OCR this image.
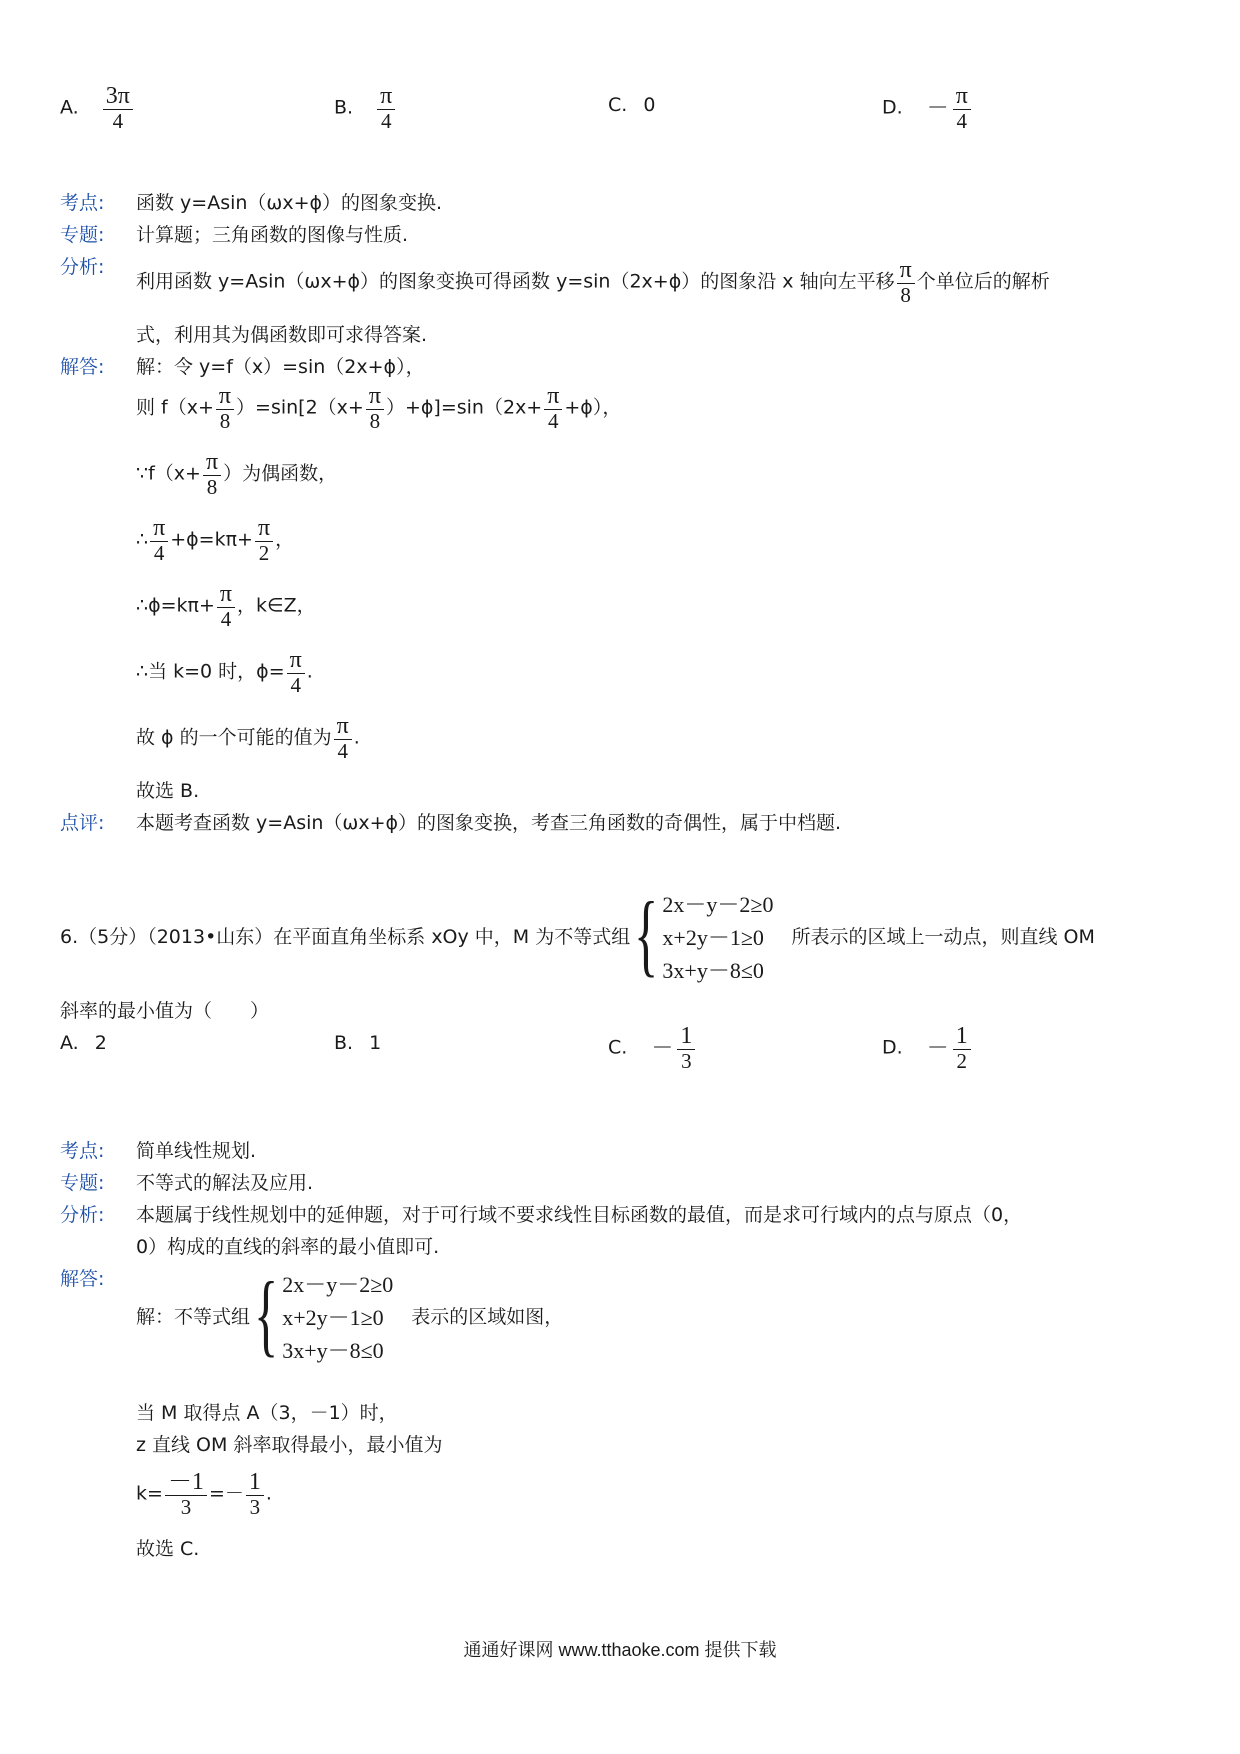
A. $\frac{3\pi}{4}$	B. $\frac{\pi}{4}$	C. 0	D. － $\frac{\pi}{4}$
考点: 函数 y=Asin（ωx+ϕ）的图象变换.
专题: 计算题；三角函数的图像与性质.
分析:
利用函数 y=Asin（ωx+ϕ）的图象变换可得函数 y=sin（2x+ϕ）的图象沿 x 轴向左平移 $\frac{\pi}{8}$ 个单位后的解析
式，利用其为偶函数即可求得答案.
解答: 解：令 y=f（x）=sin（2x+ϕ），
则 $f(x+ \frac{\pi}{8} )=\sin[2(x+ \frac{\pi}{8} )+\phi]=\sin(2x+ \frac{\pi}{4} +\phi)$，
∵f（x+ $\frac{\pi}{8}$ ）为偶函数，
∴ $\frac{\pi}{4} +\phi=k\pi+ \frac{\pi}{2}$ ，
∴ϕ=kπ+ $\frac{\pi}{4}$ ，k∈Z，
∴当 k=0 时，$\phi= \frac{\pi}{4}$ .
故 ϕ 的一个可能的值为 $\frac{\pi}{4}$ .
故选 B.
点评: 本题考查函数 y=Asin（ωx+ϕ）的图象变换，考查三角函数的奇偶性，属于中档题.
6.（5分）（2013•山东）在平面直角坐标系 xOy 中，M 为不等式组 { 2x－y－2≥0
x+2y－1≥0
3x+y－8≤0
所表示的区域上一动点，则直线 OM
斜率的最小值为（　　）
A. 2	B. 1	C. － $\frac{1}{3}$	D. － $\frac{1}{2}$
考点: 简单线性规划.
专题: 不等式的解法及应用.
分析: 本题属于线性规划中的延伸题，对于可行域不要求线性目标函数的最值，而是求可行域内的点与原点（0，
0）构成的直线的斜率的最小值即可.
解答:
解：不等式组 { 2x－y－2≥0
x+2y－1≥0
3x+y－8≤0
表示的区域如图，
当 M 取得点 A（3，－1）时，
z 直线 OM 斜率取得最小，最小值为
$k= \frac{-1}{3} =- \frac{1}{3}$ .
故选 C.
通通好课网 www.tthaoke.com 提供下载
